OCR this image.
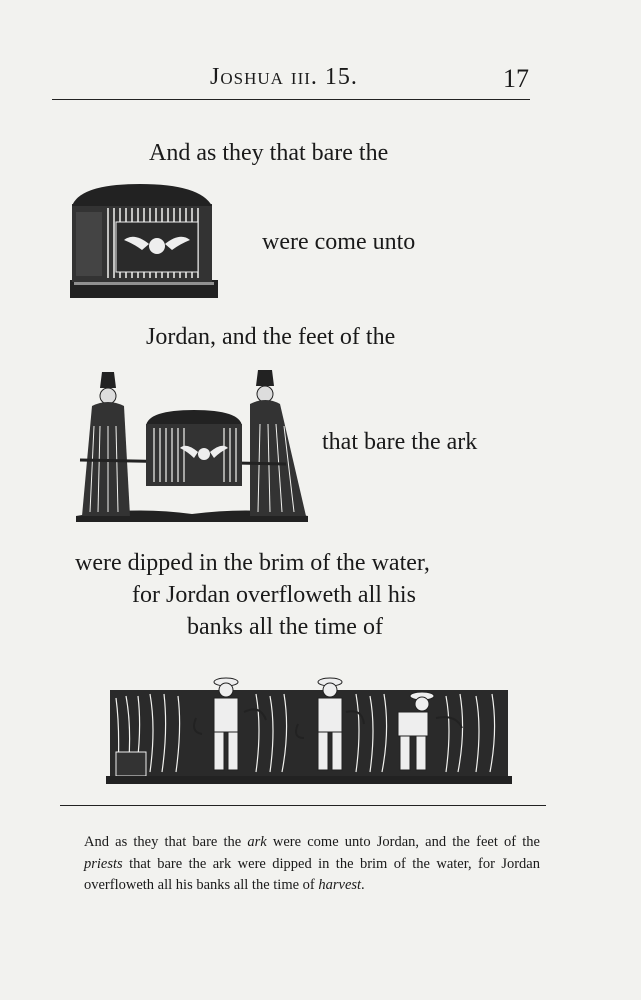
Joshua iii. 15.	17
And as they that bare the
were come unto
Jordan, and the feet of the
that bare the ark
were dipped in the brim of the water,
for Jordan overfloweth all his
banks all the time of
And as they that bare the ark were come unto Jordan, and the feet of the priests that bare the ark were dipped in the brim of the water, for Jordan overfloweth all his banks all the time of harvest.
